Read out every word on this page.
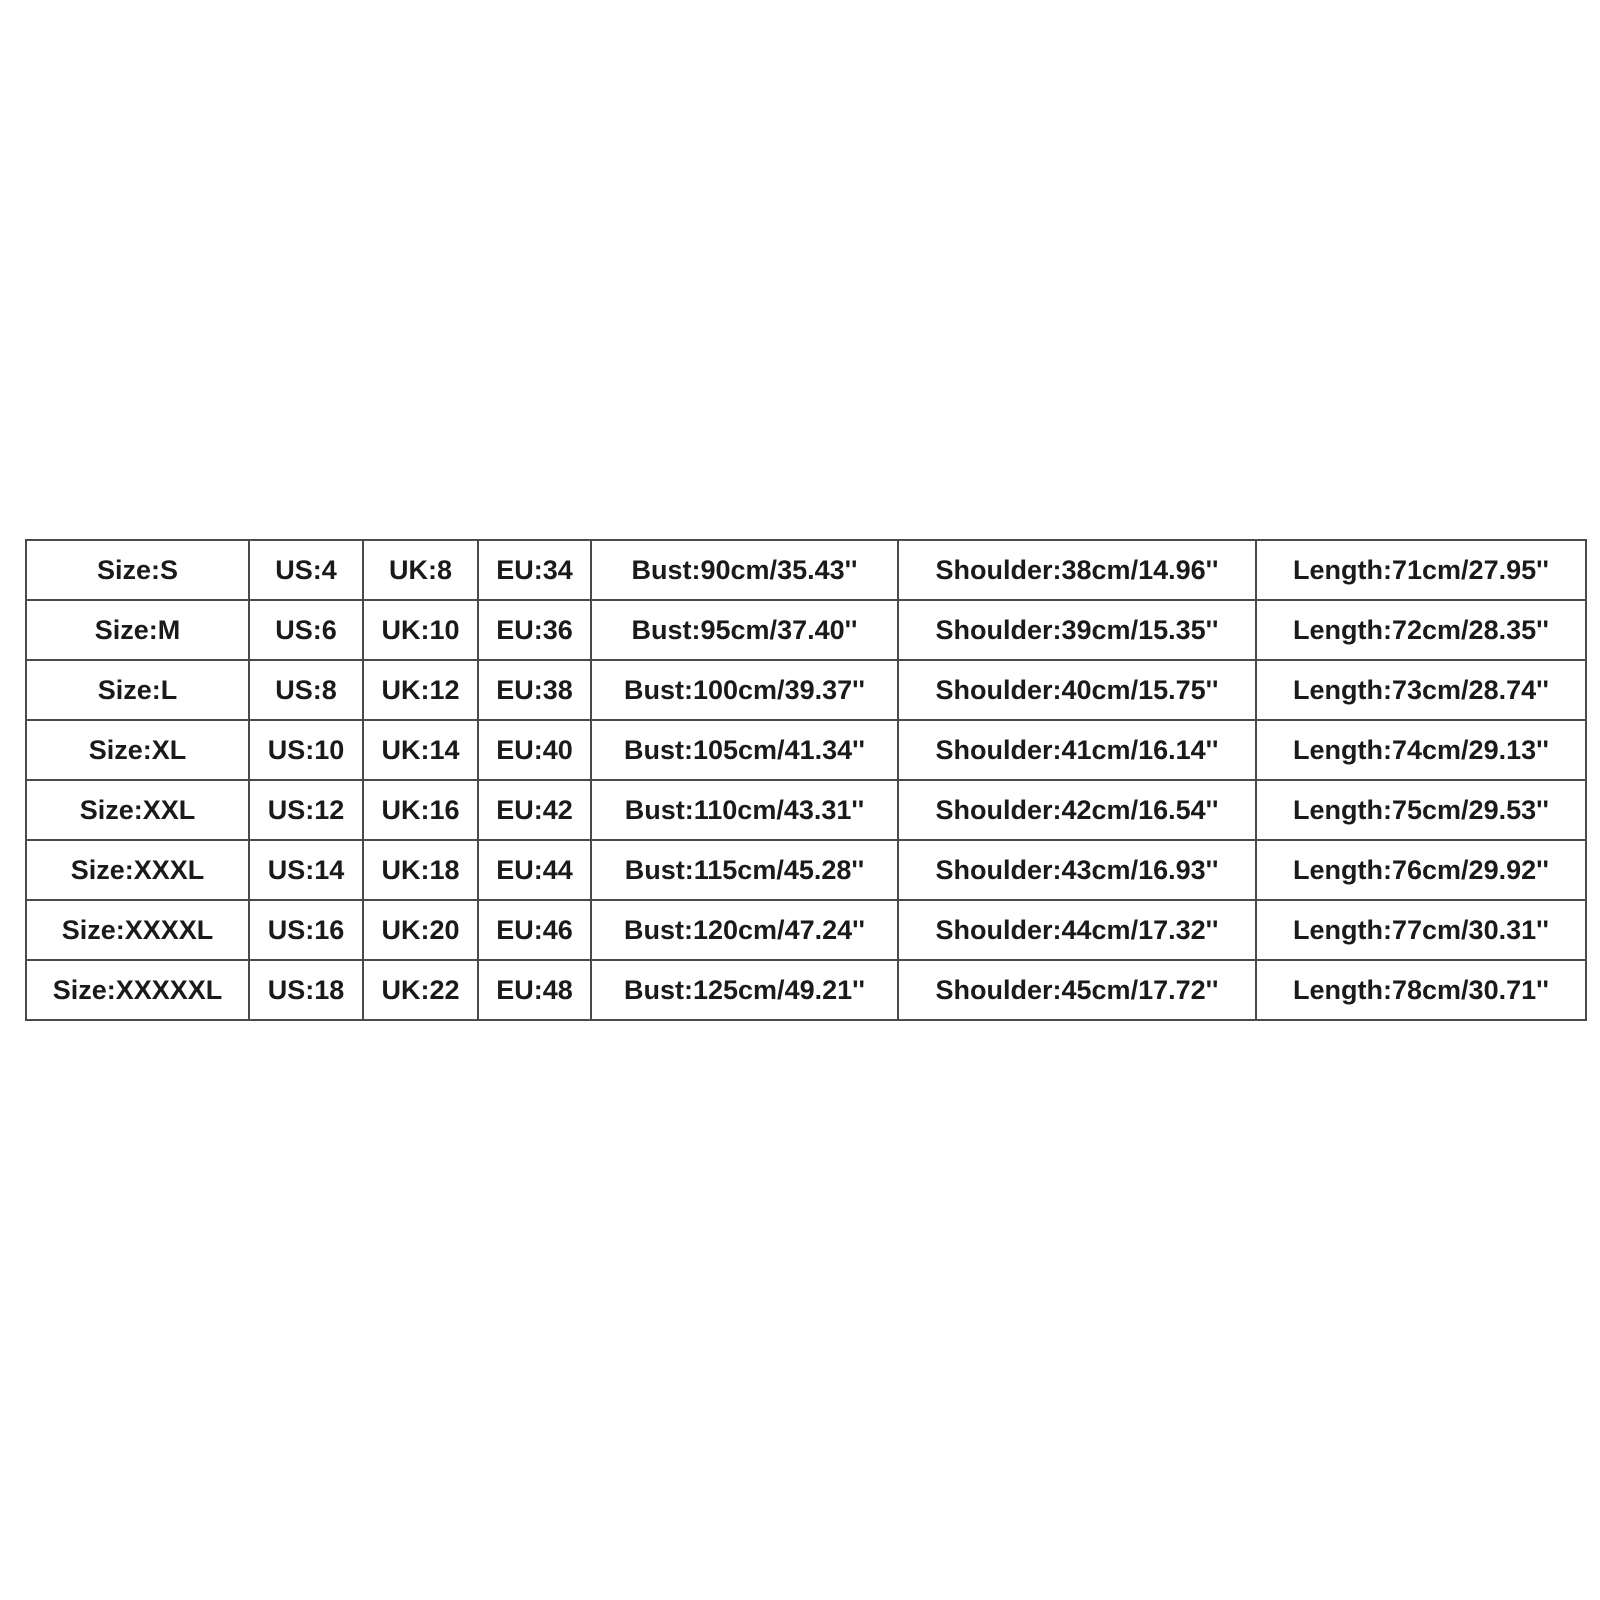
Size:S	US:4	UK:8	EU:34	Bust:90cm/35.43''	Shoulder:38cm/14.96''	Length:71cm/27.95''
Size:M	US:6	UK:10	EU:36	Bust:95cm/37.40''	Shoulder:39cm/15.35''	Length:72cm/28.35''
Size:L	US:8	UK:12	EU:38	Bust:100cm/39.37''	Shoulder:40cm/15.75''	Length:73cm/28.74''
Size:XL	US:10	UK:14	EU:40	Bust:105cm/41.34''	Shoulder:41cm/16.14''	Length:74cm/29.13''
Size:XXL	US:12	UK:16	EU:42	Bust:110cm/43.31''	Shoulder:42cm/16.54''	Length:75cm/29.53''
Size:XXXL	US:14	UK:18	EU:44	Bust:115cm/45.28''	Shoulder:43cm/16.93''	Length:76cm/29.92''
Size:XXXXL	US:16	UK:20	EU:46	Bust:120cm/47.24''	Shoulder:44cm/17.32''	Length:77cm/30.31''
Size:XXXXXL	US:18	UK:22	EU:48	Bust:125cm/49.21''	Shoulder:45cm/17.72''	Length:78cm/30.71''
